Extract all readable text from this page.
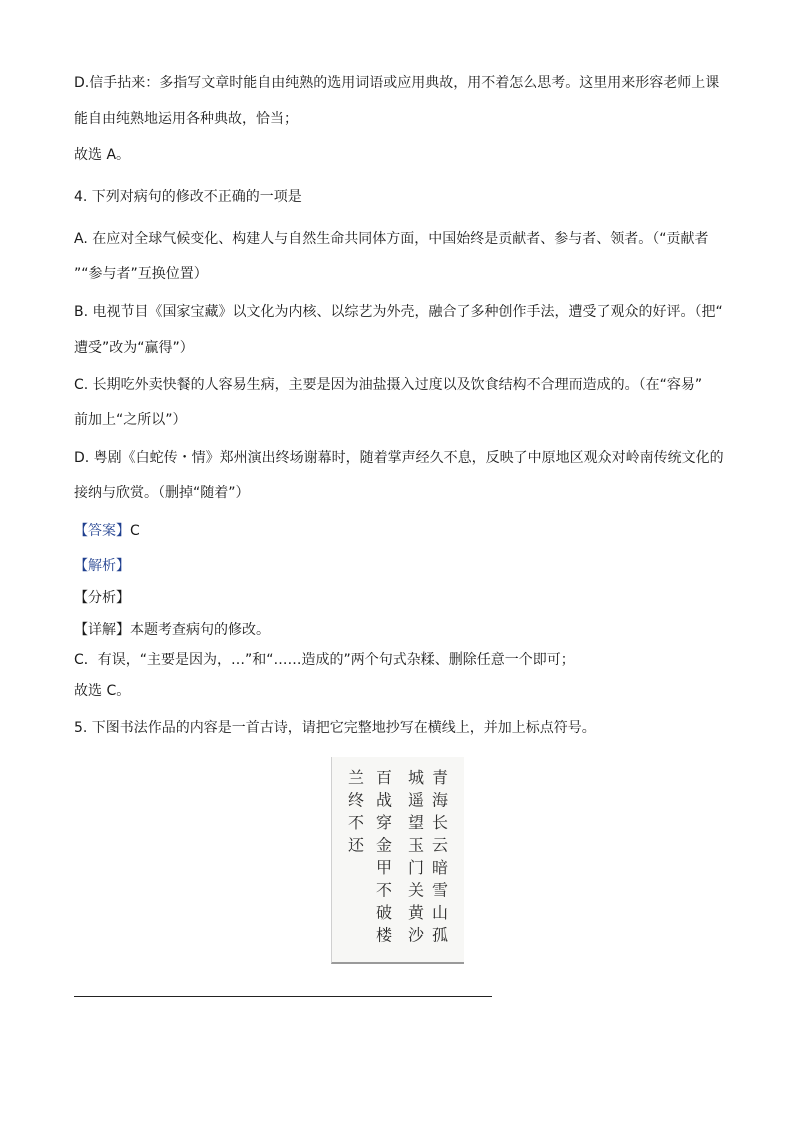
D.信手拈来：多指写文章时能自由纯熟的选用词语或应用典故，用不着怎么思考。这里用来形容老师上课
能自由纯熟地运用各种典故，恰当；
故选 A。
4. 下列对病句的修改不正确的一项是
A. 在应对全球气候变化、构建人与自然生命共同体方面，中国始终是贡献者、参与者、领者。（“贡献者
”“参与者”互换位置）
B. 电视节目《国家宝藏》以文化为内核、以综艺为外壳，融合了多种创作手法，遭受了观众的好评。（把“
遭受”改为“赢得”）
C. 长期吃外卖快餐的人容易生病，主要是因为油盐摄入过度以及饮食结构不合理而造成的。（在“容易”
前加上“之所以”）
D. 粤剧《白蛇传・情》郑州演出终场谢幕时，随着掌声经久不息，反映了中原地区观众对岭南传统文化的
接纳与欣赏。（删掉“随着”）
【答案】C
【解析】
【分析】
【详解】本题考查病句的修改。
C．有误，“主要是因为，…”和“……造成的”两个句式杂糅、删除任意一个即可；
故选 C。
5. 下图书法作品的内容是一首古诗，请把它完整地抄写在横线上，并加上标点符号。
青
海
长
云
暗
雪
山
孤
城
遥
望
玉
门
关
黄
沙
百
战
穿
金
甲
不
破
楼
兰
终
不
还
